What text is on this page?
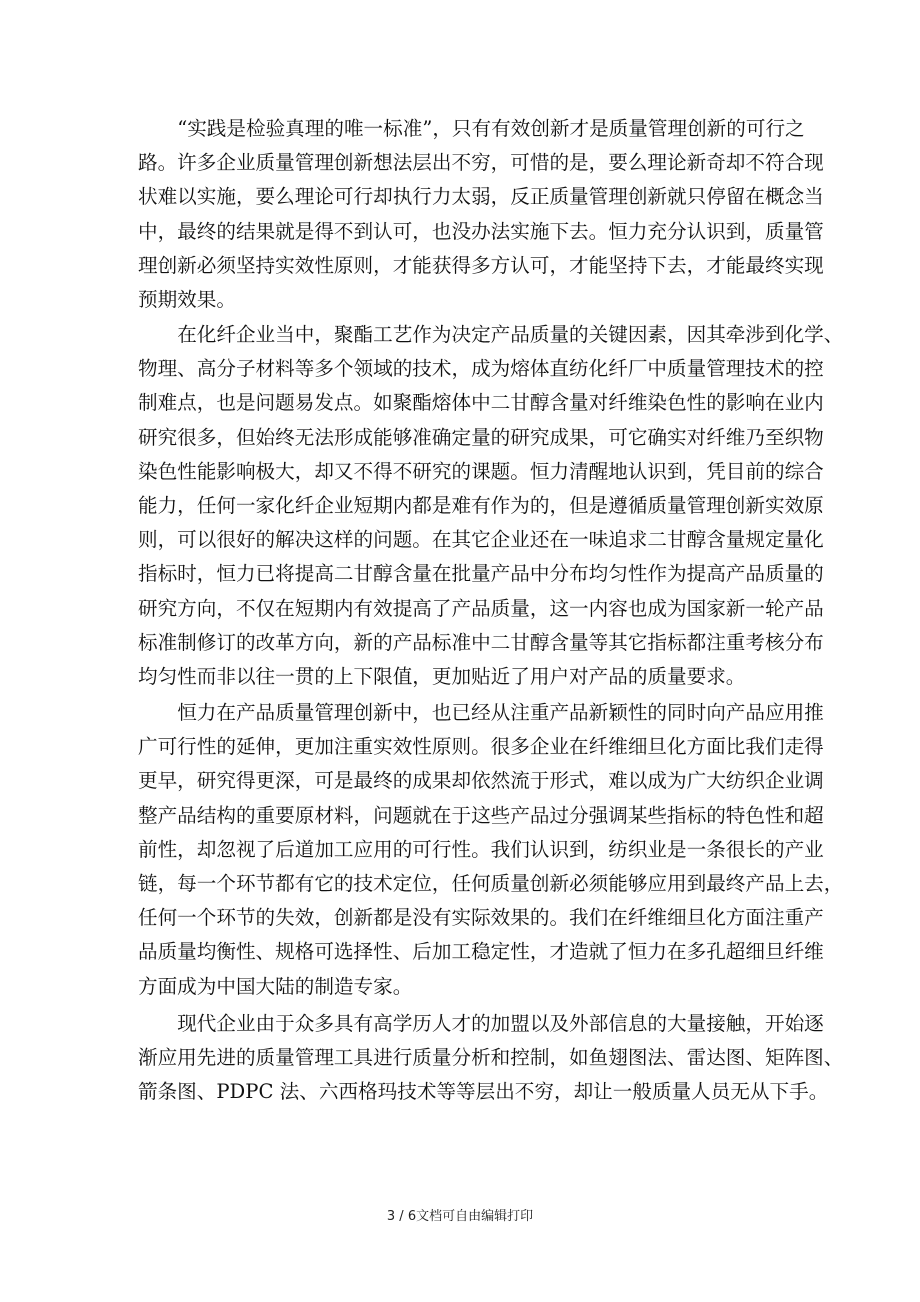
“实践是检验真理的唯一标准”，只有有效创新才是质量管理创新的可行之
路。许多企业质量管理创新想法层出不穷，可惜的是，要么理论新奇却不符合现
状难以实施，要么理论可行却执行力太弱，反正质量管理创新就只停留在概念当
中，最终的结果就是得不到认可，也没办法实施下去。恒力充分认识到，质量管
理创新必须坚持实效性原则，才能获得多方认可，才能坚持下去，才能最终实现
预期效果。
在化纤企业当中，聚酯工艺作为决定产品质量的关键因素，因其牵涉到化学、
物理、高分子材料等多个领域的技术，成为熔体直纺化纤厂中质量管理技术的控
制难点，也是问题易发点。如聚酯熔体中二甘醇含量对纤维染色性的影响在业内
研究很多，但始终无法形成能够准确定量的研究成果，可它确实对纤维乃至织物
染色性能影响极大，却又不得不研究的课题。恒力清醒地认识到，凭目前的综合
能力，任何一家化纤企业短期内都是难有作为的，但是遵循质量管理创新实效原
则，可以很好的解决这样的问题。在其它企业还在一味追求二甘醇含量规定量化
指标时，恒力已将提高二甘醇含量在批量产品中分布均匀性作为提高产品质量的
研究方向，不仅在短期内有效提高了产品质量，这一内容也成为国家新一轮产品
标准制修订的改革方向，新的产品标准中二甘醇含量等其它指标都注重考核分布
均匀性而非以往一贯的上下限值，更加贴近了用户对产品的质量要求。
恒力在产品质量管理创新中，也已经从注重产品新颖性的同时向产品应用推
广可行性的延伸，更加注重实效性原则。很多企业在纤维细旦化方面比我们走得
更早，研究得更深，可是最终的成果却依然流于形式，难以成为广大纺织企业调
整产品结构的重要原材料，问题就在于这些产品过分强调某些指标的特色性和超
前性，却忽视了后道加工应用的可行性。我们认识到，纺织业是一条很长的产业
链，每一个环节都有它的技术定位，任何质量创新必须能够应用到最终产品上去，
任何一个环节的失效，创新都是没有实际效果的。我们在纤维细旦化方面注重产
品质量均衡性、规格可选择性、后加工稳定性，才造就了恒力在多孔超细旦纤维
方面成为中国大陆的制造专家。
现代企业由于众多具有高学历人才的加盟以及外部信息的大量接触，开始逐
渐应用先进的质量管理工具进行质量分析和控制，如鱼翅图法、雷达图、矩阵图、
箭条图、PDPC 法、六西格玛技术等等层出不穷，却让一般质量人员无从下手。
3 / 6文档可自由编辑打印
